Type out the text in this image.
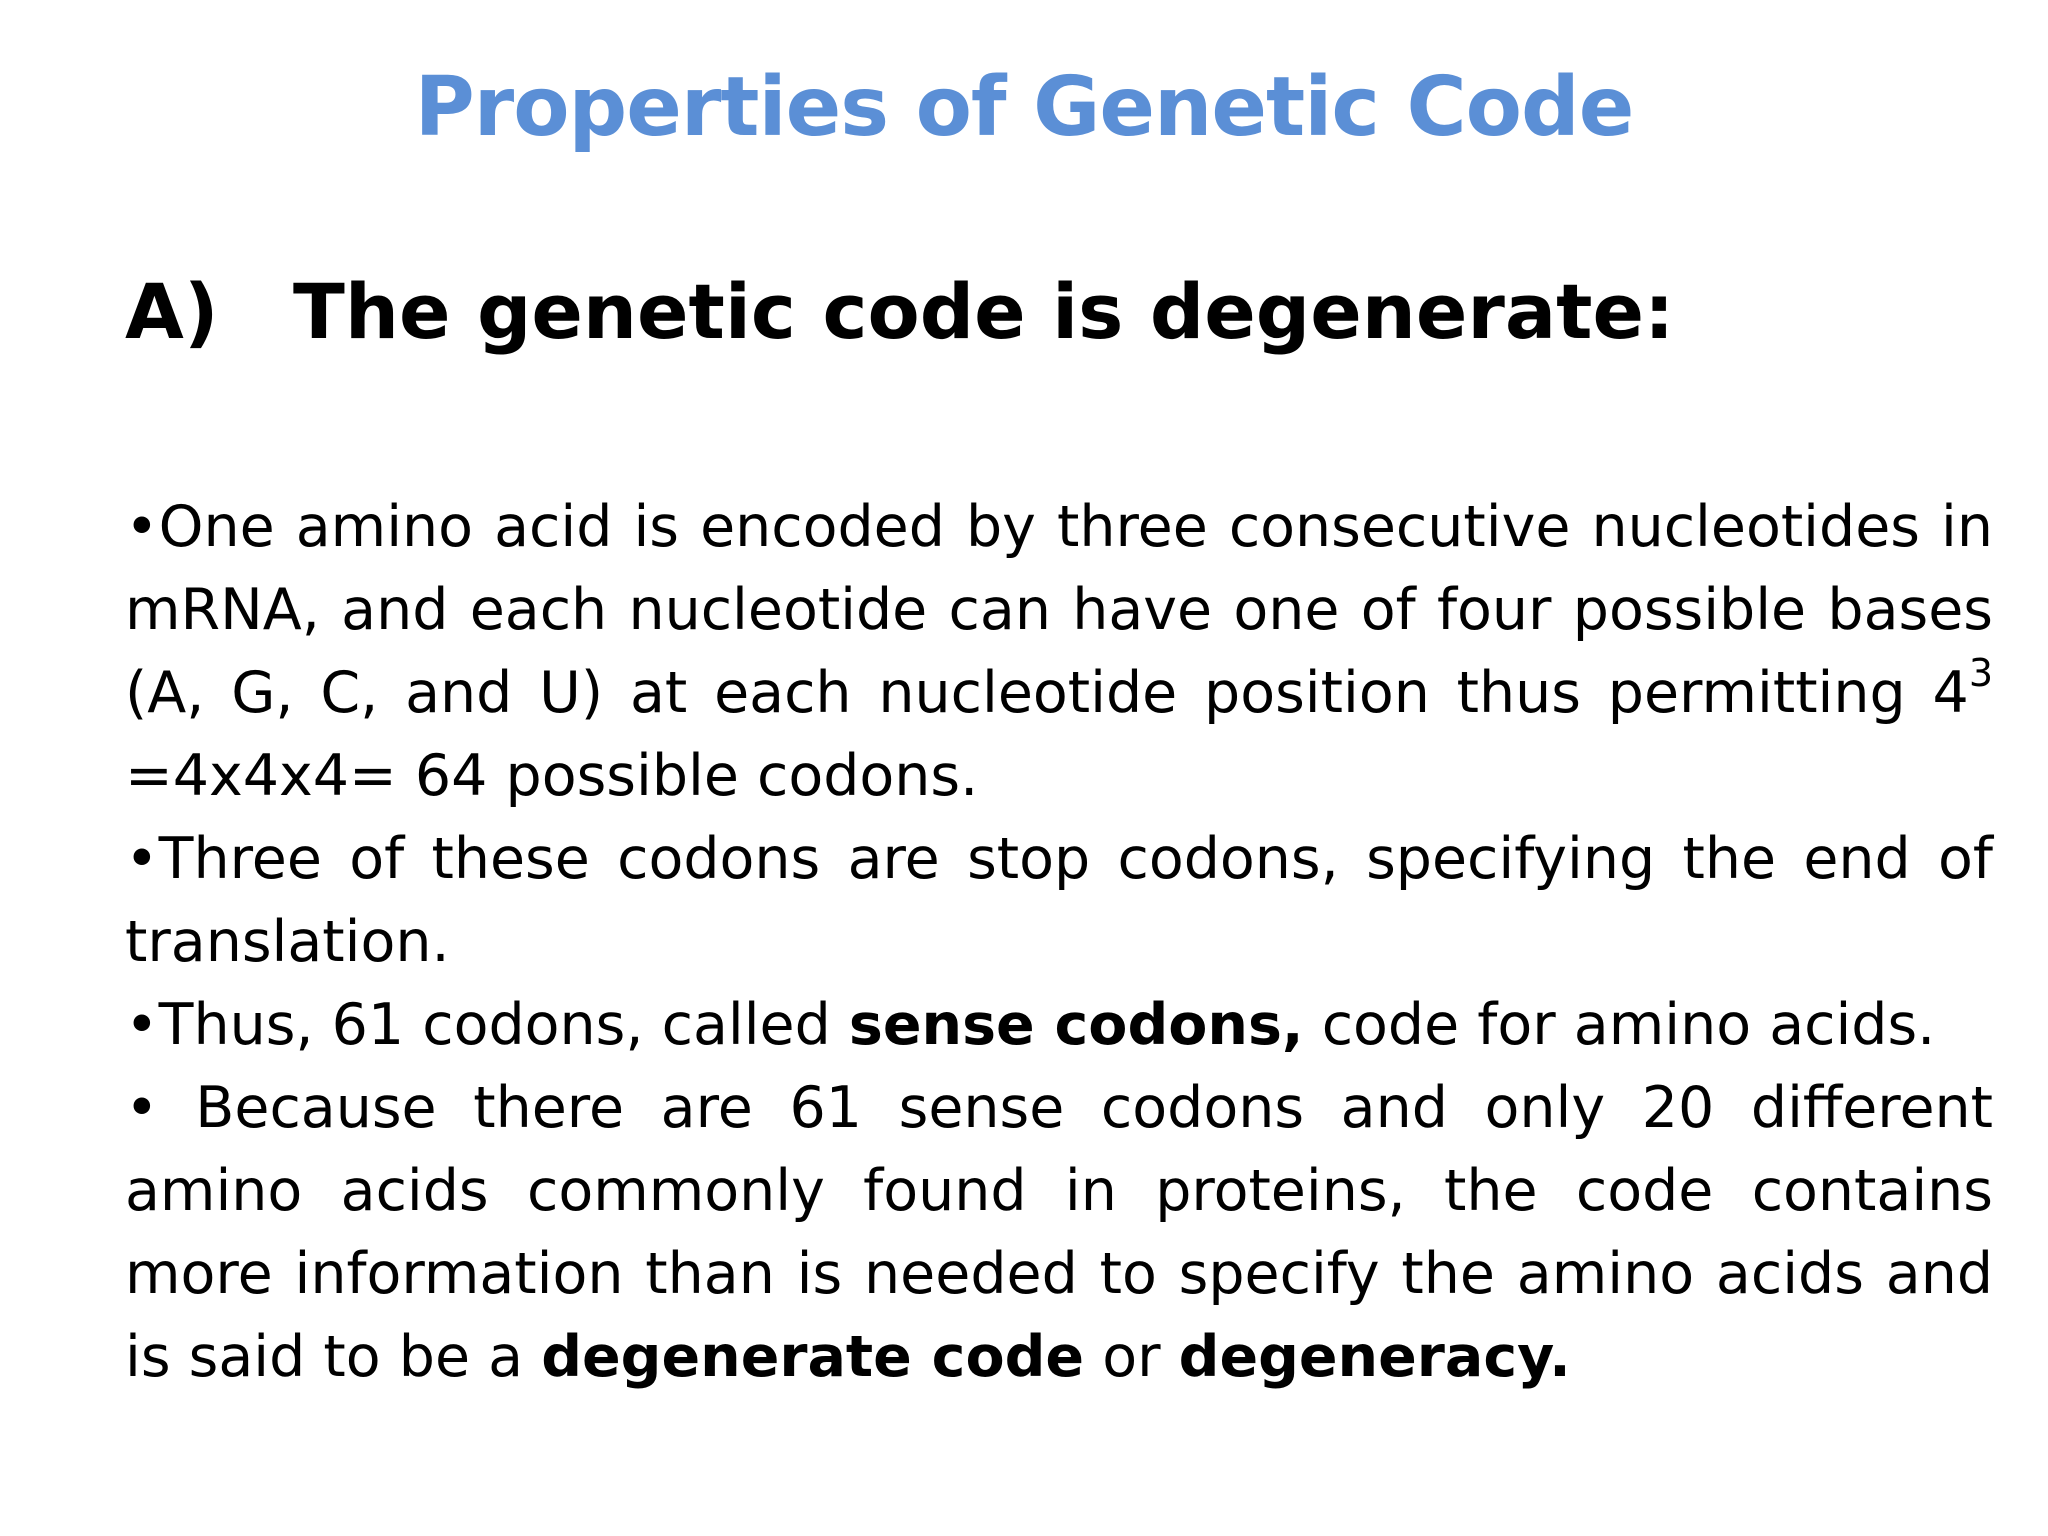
Properties of Genetic Code
A) The genetic code is degenerate:

•One amino acid is encoded by three consecutive nucleotides in mRNA, and each nucleotide can have one of four possible bases (A, G, C, and U) at each nucleotide position thus permitting $4^3 =4x4x4= 64$ possible codons.

•Three of these codons are stop codons, specifying the end of translation.

•Thus, 61 codons, called sense codons, code for amino acids.

• Because there are 61 sense codons and only 20 different amino acids commonly found in proteins, the code contains more information than is needed to specify the amino acids and is said to be a degenerate code or degeneracy.
